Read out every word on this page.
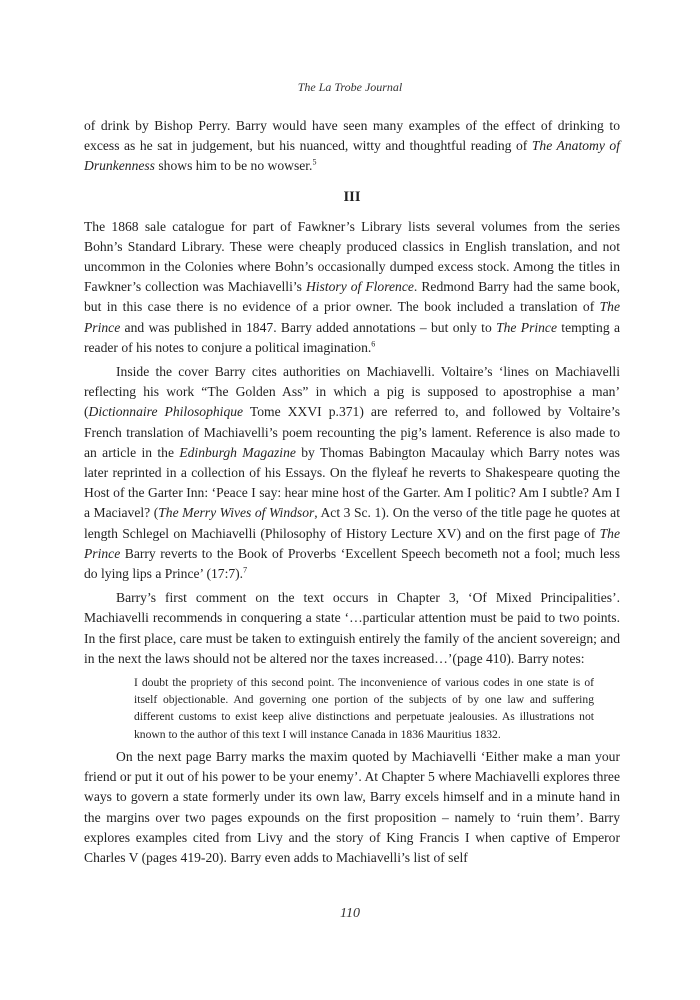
The La Trobe Journal

of drink by Bishop Perry. Barry would have seen many examples of the effect of drinking to excess as he sat in judgement, but his nuanced, witty and thoughtful reading of The Anatomy of Drunkenness shows him to be no wowser.$^5$

III

The 1868 sale catalogue for part of Fawkner’s Library lists several volumes from the series Bohn’s Standard Library. These were cheaply produced classics in English translation, and not uncommon in the Colonies where Bohn’s occasionally dumped excess stock. Among the titles in Fawkner’s collection was Machiavelli’s History of Florence. Redmond Barry had the same book, but in this case there is no evidence of a prior owner. The book included a translation of The Prince and was published in 1847. Barry added annotations – but only to The Prince tempting a reader of his notes to conjure a political imagination.$^6$

Inside the cover Barry cites authorities on Machiavelli. Voltaire’s ‘lines on Machiavelli reflecting his work “The Golden Ass” in which a pig is supposed to apostrophise a man’ (Dictionnaire Philosophique Tome XXVI p.371) are referred to, and followed by Voltaire’s French translation of Machiavelli’s poem recounting the pig’s lament. Reference is also made to an article in the Edinburgh Magazine by Thomas Babington Macaulay which Barry notes was later reprinted in a collection of his Essays. On the flyleaf he reverts to Shakespeare quoting the Host of the Garter Inn: ‘Peace I say: hear mine host of the Garter. Am I politic? Am I subtle? Am I a Maciavel? (The Merry Wives of Windsor, Act 3 Sc. 1). On the verso of the title page he quotes at length Schlegel on Machiavelli (Philosophy of History Lecture XV) and on the first page of The Prince Barry reverts to the Book of Proverbs ‘Excellent Speech becometh not a fool; much less do lying lips a Prince’ (17:7).$^7$

Barry’s first comment on the text occurs in Chapter 3, ‘Of Mixed Principalities’. Machiavelli recommends in conquering a state ‘…particular attention must be paid to two points. In the first place, care must be taken to extinguish entirely the family of the ancient sovereign; and in the next the laws should not be altered nor the taxes increased…’(page 410). Barry notes:

I doubt the propriety of this second point. The inconvenience of various codes in one state is of itself objectionable. And governing one portion of the subjects of by one law and suffering different customs to exist keep alive distinctions and perpetuate jealousies. As illustrations not known to the author of this text I will instance Canada in 1836 Mauritius 1832.

On the next page Barry marks the maxim quoted by Machiavelli ‘Either make a man your friend or put it out of his power to be your enemy’. At Chapter 5 where Machiavelli explores three ways to govern a state formerly under its own law, Barry excels himself and in a minute hand in the margins over two pages expounds on the first proposition – namely to ‘ruin them’. Barry explores examples cited from Livy and the story of King Francis I when captive of Emperor Charles V (pages 419-20). Barry even adds to Machiavelli’s list of self

110
